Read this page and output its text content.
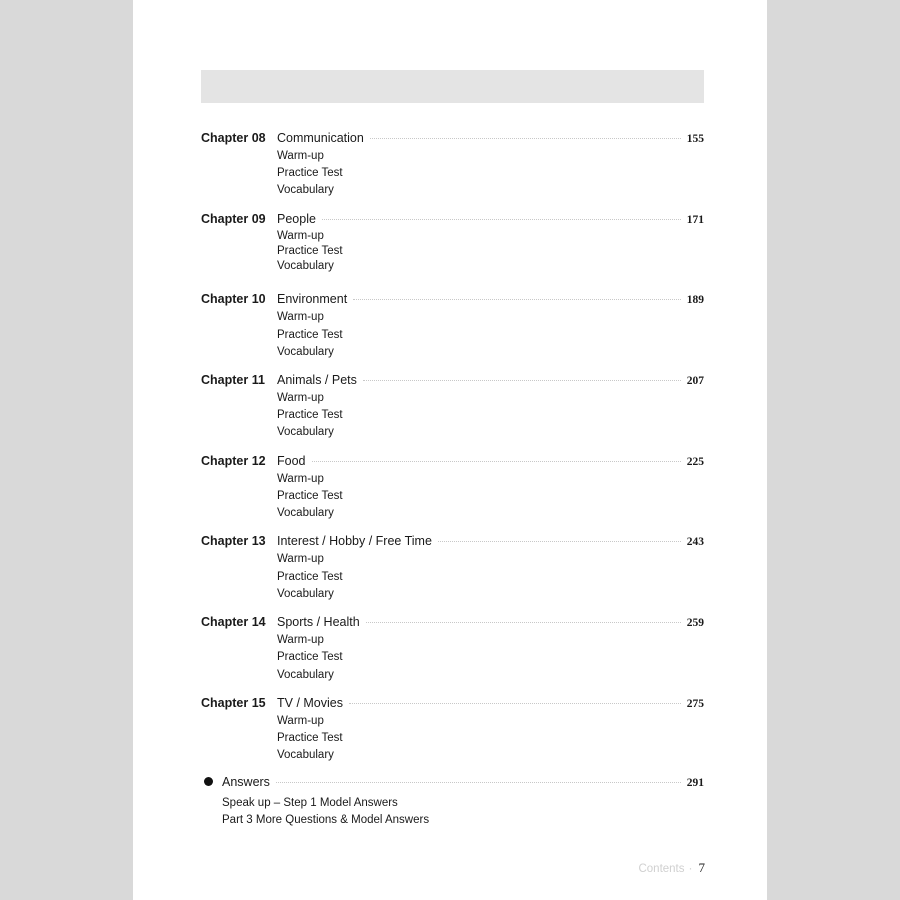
Chapter 08 Communication	155
Warm-up
Practice Test
Vocabulary
Chapter 09 People	171
Warm-up
Practice Test
Vocabulary
Chapter 10 Environment	189
Warm-up
Practice Test
Vocabulary
Chapter 11 Animals / Pets	207
Warm-up
Practice Test
Vocabulary
Chapter 12 Food	225
Warm-up
Practice Test
Vocabulary
Chapter 13 Interest / Hobby / Free Time	243
Warm-up
Practice Test
Vocabulary
Chapter 14 Sports / Health	259
Warm-up
Practice Test
Vocabulary
Chapter 15 TV / Movies	275
Warm-up
Practice Test
Vocabulary
Answers	291
Speak up – Step 1 Model Answers
Part 3 More Questions & Model Answers
Contents · 7
